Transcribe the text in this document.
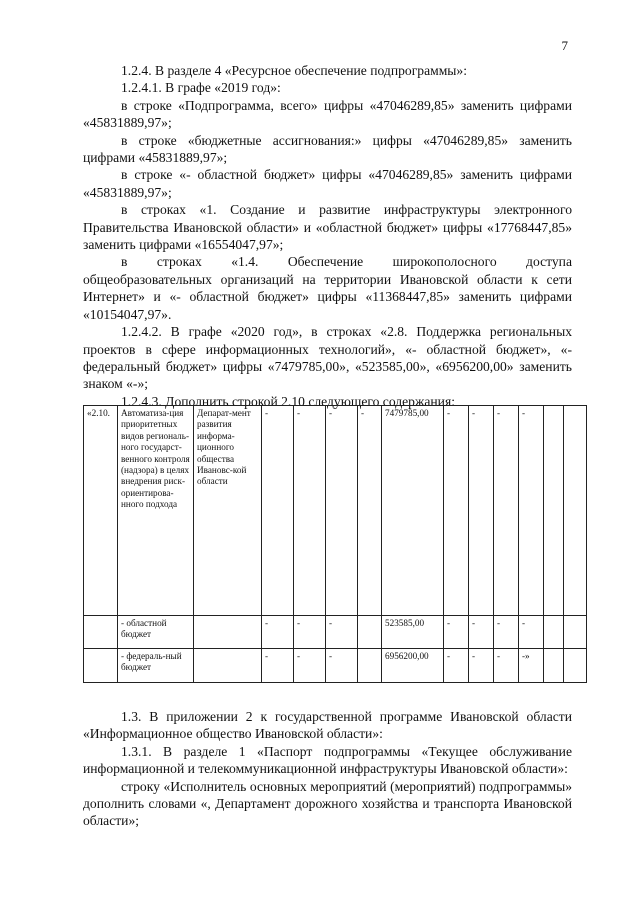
7

1.2.4. В разделе 4 «Ресурсное обеспечение подпрограммы»:

1.2.4.1. В графе «2019 год»:

в строке «Подпрограмма, всего» цифры «47046289,85» заменить цифрами «45831889,97»;

в строке «бюджетные ассигнования:» цифры «47046289,85» заменить цифрами «45831889,97»;

в строке «- областной бюджет» цифры «47046289,85» заменить цифрами «45831889,97»;

в строках «1. Создание и развитие инфраструктуры электронного Правительства Ивановской области» и «областной бюджет» цифры «17768447,85» заменить цифрами «16554047,97»;

в строках «1.4. Обеспечение широкополосного доступа общеобразовательных организаций на территории Ивановской области к сети Интернет» и «- областной бюджет» цифры «11368447,85» заменить цифрами «10154047,97».

1.2.4.2. В графе «2020 год», в строках «2.8. Поддержка региональных проектов в сфере информационных технологий», «- областной бюджет», «- федеральный бюджет» цифры «7479785,00», «523585,00», «6956200,00» заменить знаком «-»;

1.2.4.3. Дополнить строкой 2.10 следующего содержания:

«2.10.	Автоматиза-ция приоритетных видов региональ-ного государст-венного контроля (надзора) в целях внедрения риск-ориентирова-нного подхода	Депарат-мент развития информа-ционного общества Ивановс-кой области	-	-	-	-	7479785,00	-	-	-	-		
	- областной бюджет		-	-	-		523585,00	-	-	-	-		
	- федераль-ный бюджет		-	-	-		6956200,00	-	-	-	-»		

1.3. В приложении 2 к государственной программе Ивановской области «Информационное общество Ивановской области»:

1.3.1. В разделе 1 «Паспорт подпрограммы «Текущее обслуживание информационной и телекоммуникационной инфраструктуры Ивановской области»:

строку «Исполнитель основных мероприятий (мероприятий) подпрограммы» дополнить словами «, Департамент дорожного хозяйства и транспорта Ивановской области»;
